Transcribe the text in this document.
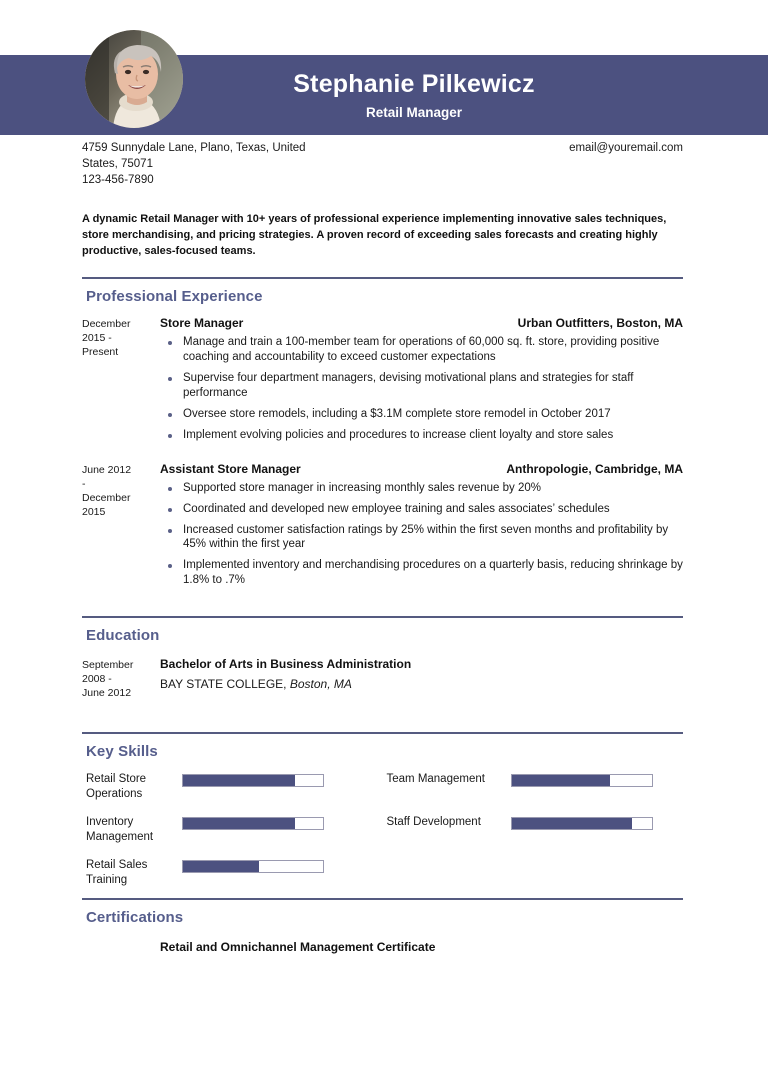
Stephanie Pilkewicz
Retail Manager
4759 Sunnydale Lane, Plano, Texas, United
States, 75071
123-456-7890
email@youremail.com
A dynamic Retail Manager with 10+ years of professional experience implementing innovative sales techniques, store merchandising, and pricing strategies. A proven record of exceeding sales forecasts and creating highly productive, sales-focused teams.
Professional Experience
December
2015 -
Present
Store Manager	Urban Outfitters, Boston, MA
Manage and train a 100-member team for operations of 60,000 sq. ft. store, providing positive coaching and accountability to exceed customer expectations
Supervise four department managers, devising motivational plans and strategies for staff performance
Oversee store remodels, including a $3.1M complete store remodel in October 2017
Implement evolving policies and procedures to increase client loyalty and store sales
June 2012
-
December
2015
Assistant Store Manager	Anthropologie, Cambridge, MA
Supported store manager in increasing monthly sales revenue by 20%
Coordinated and developed new employee training and sales associates’ schedules
Increased customer satisfaction ratings by 25% within the first seven months and profitability by 45% within the first year
Implemented inventory and merchandising procedures on a quarterly basis, reducing shrinkage by 1.8% to .7%
Education
September
2008 -
June 2012
Bachelor of Arts in Business Administration
BAY STATE COLLEGE, Boston, MA
Key Skills
Retail Store Operations
Team Management
Inventory Management
Staff Development
Retail Sales Training
Certifications
Retail and Omnichannel Management Certificate
